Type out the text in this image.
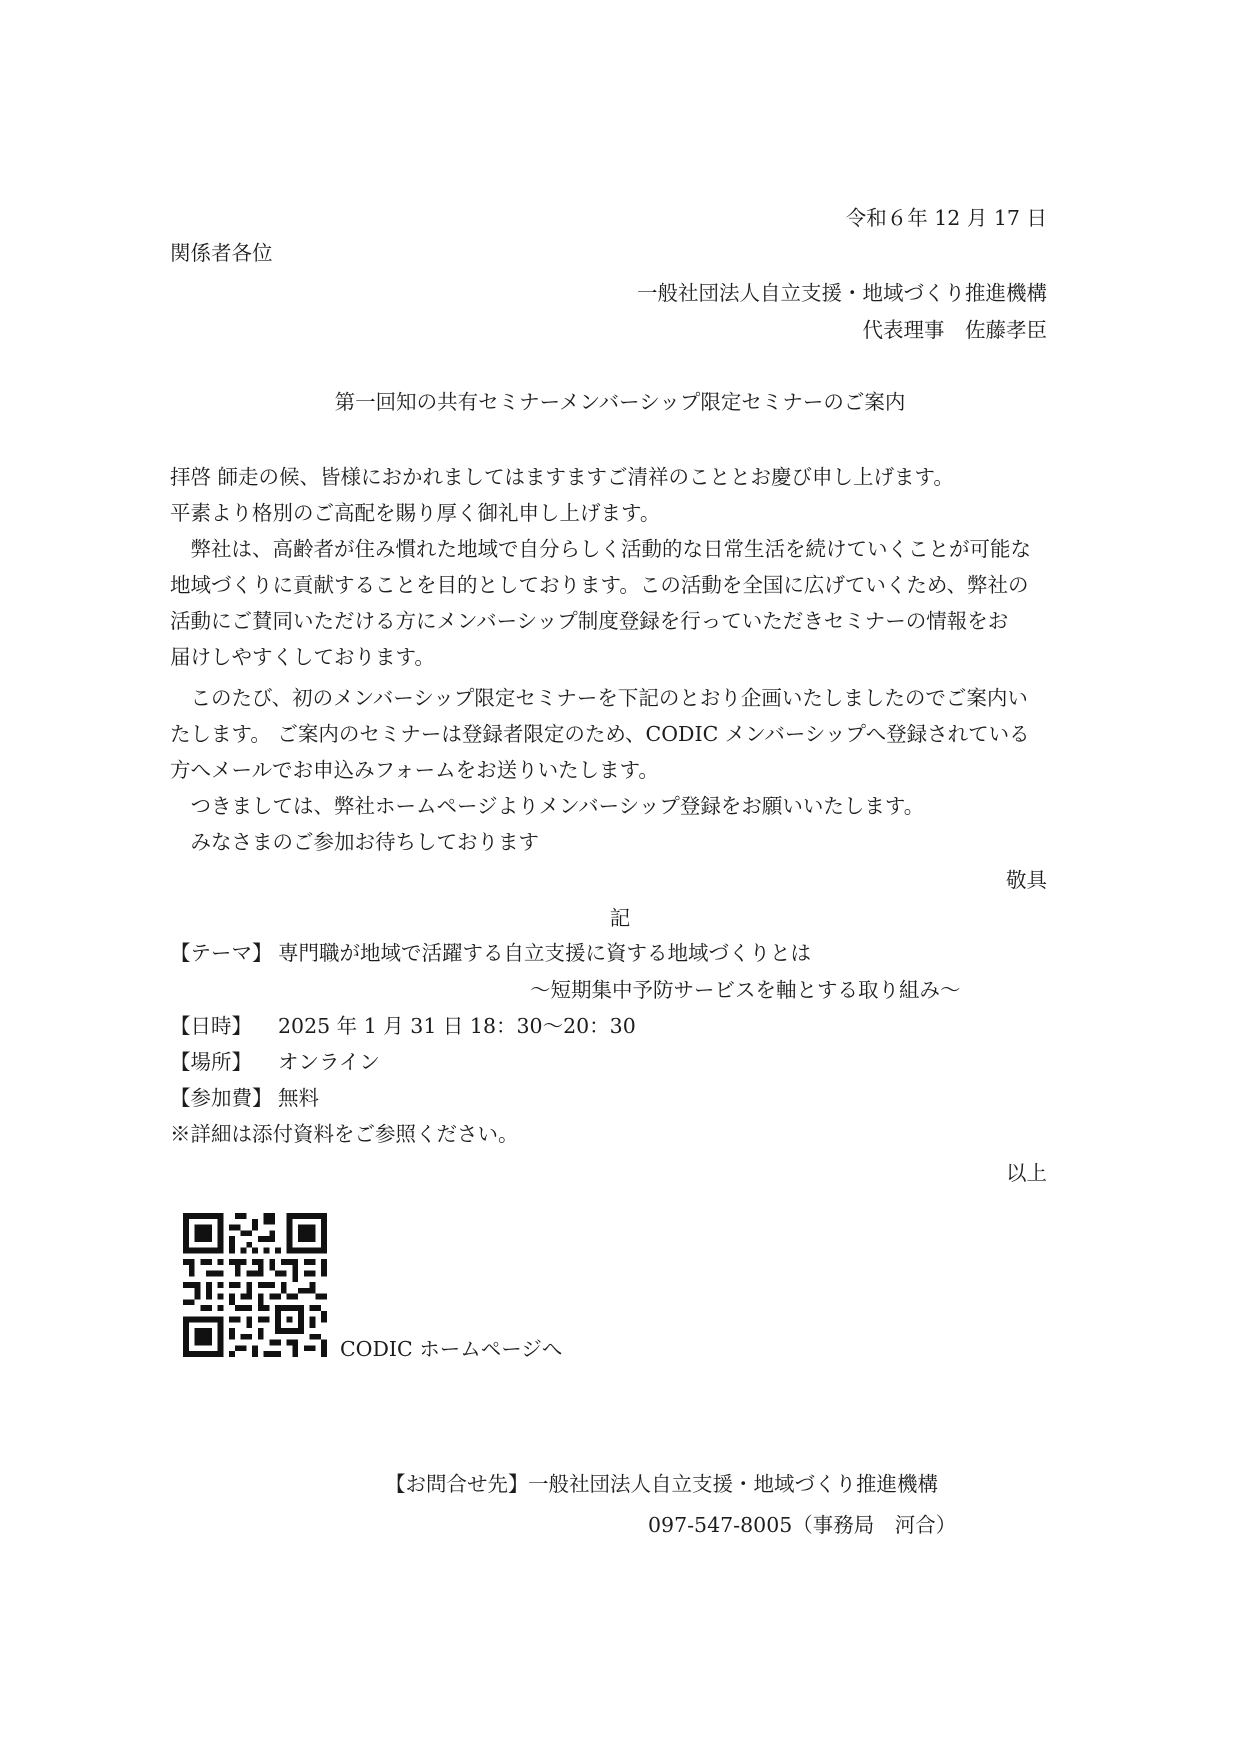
令和６年 12 月 17 日
関係者各位
一般社団法人自立支援・地域づくり推進機構
代表理事　佐藤孝臣
第一回知の共有セミナーメンバーシップ限定セミナーのご案内
拝啓 師走の候、皆様におかれましてはますますご清祥のこととお慶び申し上げます。
平素より格別のご高配を賜り厚く御礼申し上げます。
　弊社は、高齢者が住み慣れた地域で自分らしく活動的な日常生活を続けていくことが可能な
地域づくりに貢献することを目的としております。この活動を全国に広げていくため、弊社の
活動にご賛同いただける方にメンバーシップ制度登録を行っていただきセミナーの情報をお
届けしやすくしております。
　このたび、初のメンバーシップ限定セミナーを下記のとおり企画いたしましたのでご案内い
たします。 ご案内のセミナーは登録者限定のため、CODIC メンバーシップへ登録されている
方へメールでお申込みフォームをお送りいたします。
　つきましては、弊社ホームページよりメンバーシップ登録をお願いいたします。
　みなさまのご参加お待ちしております
敬具
記
【テーマ】 専門職が地域で活躍する自立支援に資する地域づくりとは
～短期集中予防サービスを軸とする取り組み～
【日時】 2025 年 1 月 31 日 18：30～20：30
【場所】 オンライン
【参加費】 無料
※詳細は添付資料をご参照ください。
以上
CODIC ホームページへ
【お問合せ先】 一般社団法人自立支援・地域づくり推進機構
097-547-8005（事務局　河合）
